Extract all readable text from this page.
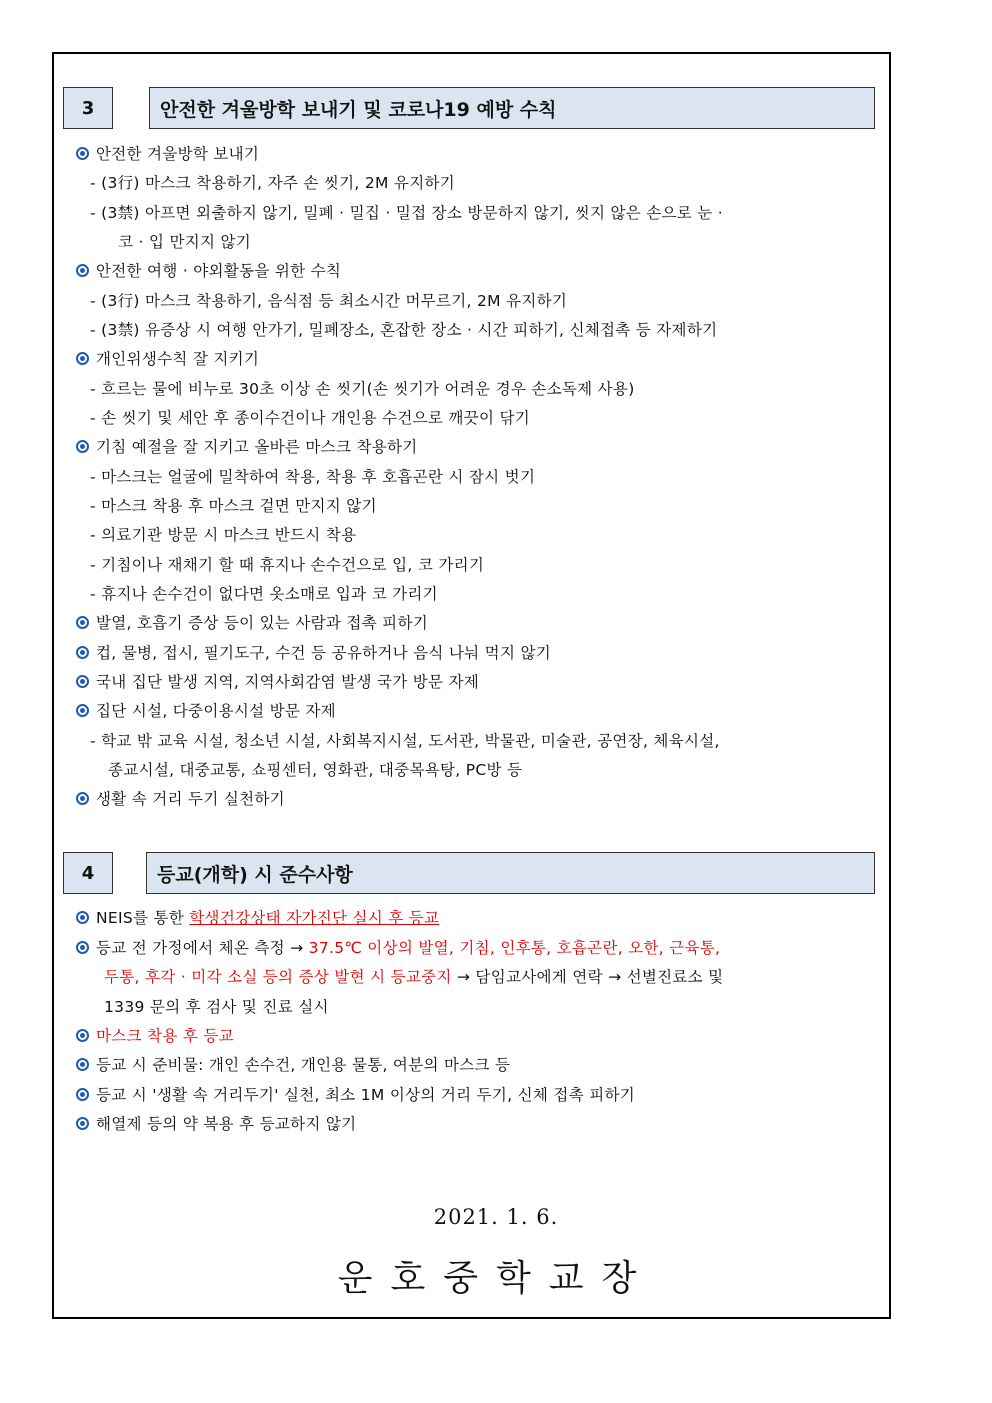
3	안전한 겨울방학 보내기 및 코로나19 예방 수칙
안전한 겨울방학 보내기
- (3行) 마스크 착용하기, 자주 손 씻기, 2M 유지하기
- (3禁) 아프면 외출하지 않기, 밀폐 · 밀집 · 밀접 장소 방문하지 않기, 씻지 않은 손으로 눈 ·
코 · 입 만지지 않기
안전한 여행 · 야외활동을 위한 수칙
- (3行) 마스크 착용하기, 음식점 등 최소시간 머무르기, 2M 유지하기
- (3禁) 유증상 시 여행 안가기, 밀폐장소, 혼잡한 장소 · 시간 피하기, 신체접촉 등 자제하기
개인위생수칙 잘 지키기
- 흐르는 물에 비누로 30초 이상 손 씻기(손 씻기가 어려운 경우 손소독제 사용)
- 손 씻기 및 세안 후 종이수건이나 개인용 수건으로 깨끗이 닦기
기침 예절을 잘 지키고 올바른 마스크 착용하기
- 마스크는 얼굴에 밀착하여 착용, 착용 후 호흡곤란 시 잠시 벗기
- 마스크 착용 후 마스크 겉면 만지지 않기
- 의료기관 방문 시 마스크 반드시 착용
- 기침이나 재채기 할 때 휴지나 손수건으로 입, 코 가리기
- 휴지나 손수건이 없다면 옷소매로 입과 코 가리기
발열, 호흡기 증상 등이 있는 사람과 접촉 피하기
컵, 물병, 접시, 필기도구, 수건 등 공유하거나 음식 나눠 먹지 않기
국내 집단 발생 지역, 지역사회감염 발생 국가 방문 자제
집단 시설, 다중이용시설 방문 자제
- 학교 밖 교육 시설, 청소년 시설, 사회복지시설, 도서관, 박물관, 미술관, 공연장, 체육시설,
종교시설, 대중교통, 쇼핑센터, 영화관, 대중목욕탕, PC방 등
생활 속 거리 두기 실천하기
4	등교(개학) 시 준수사항
NEIS를 통한 학생건강상태 자가진단 실시 후 등교
등교 전 가정에서 체온 측정 → 37.5℃ 이상의 발열, 기침, 인후통, 호흡곤란, 오한, 근육통,
두통, 후각 · 미각 소실 등의 증상 발현 시 등교중지 → 담임교사에게 연락 → 선별진료소 및
1339 문의 후 검사 및 진료 실시
마스크 착용 후 등교
등교 시 준비물: 개인 손수건, 개인용 물통, 여분의 마스크 등
등교 시 '생활 속 거리두기' 실천, 최소 1M 이상의 거리 두기, 신체 접촉 피하기
해열제 등의 약 복용 후 등교하지 않기
2021. 1. 6.
운호중학교장
